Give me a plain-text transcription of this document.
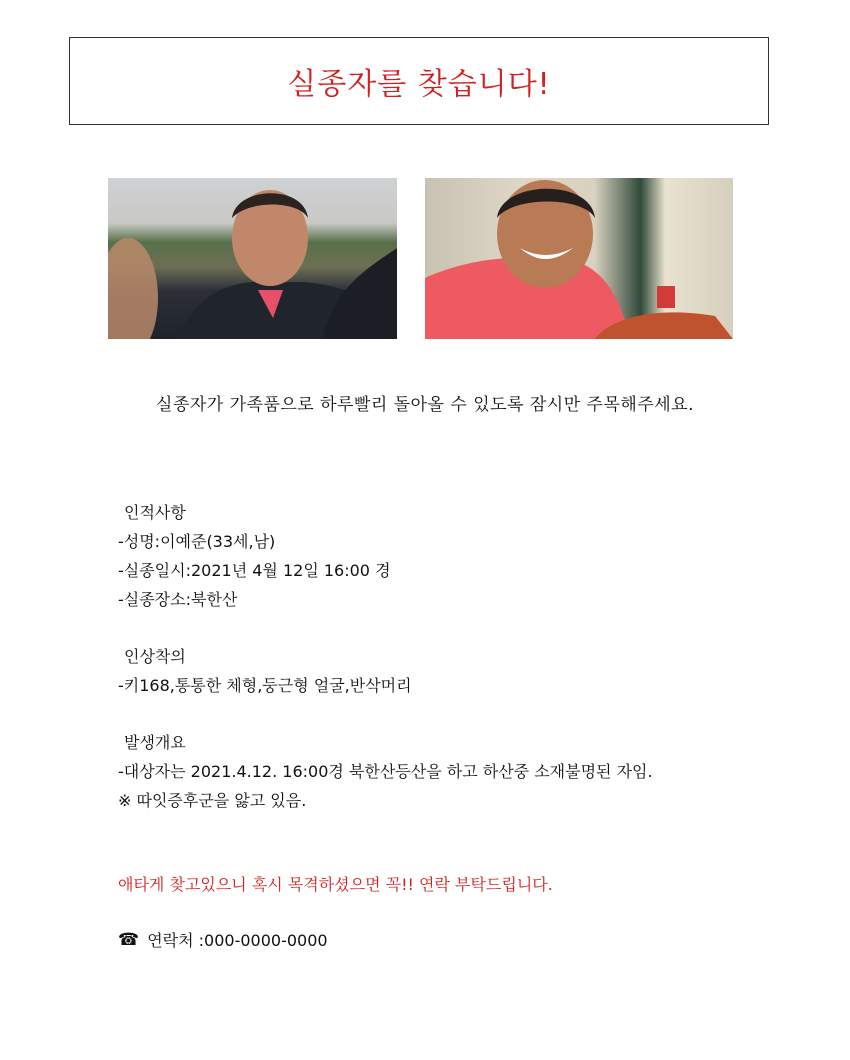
실종자를 찾습니다!
실종자가 가족품으로 하루빨리 돌아올 수 있도록 잠시만 주목해주세요.
인적사항
-성명:이예준(33세,남)
-실종일시:2021년 4월 12일 16:00 경
-실종장소:북한산
인상착의
-키168,통통한 체형,둥근형 얼굴,반삭머리
발생개요
-대상자는 2021.4.12. 16:00경 북한산등산을 하고 하산중 소재불명된 자임.
※ 따잇증후군을 앓고 있음.
애타게 찾고있으니 혹시 목격하셨으면 꼭!! 연락 부탁드립니다.
☎ 연락처 :000-0000-0000
